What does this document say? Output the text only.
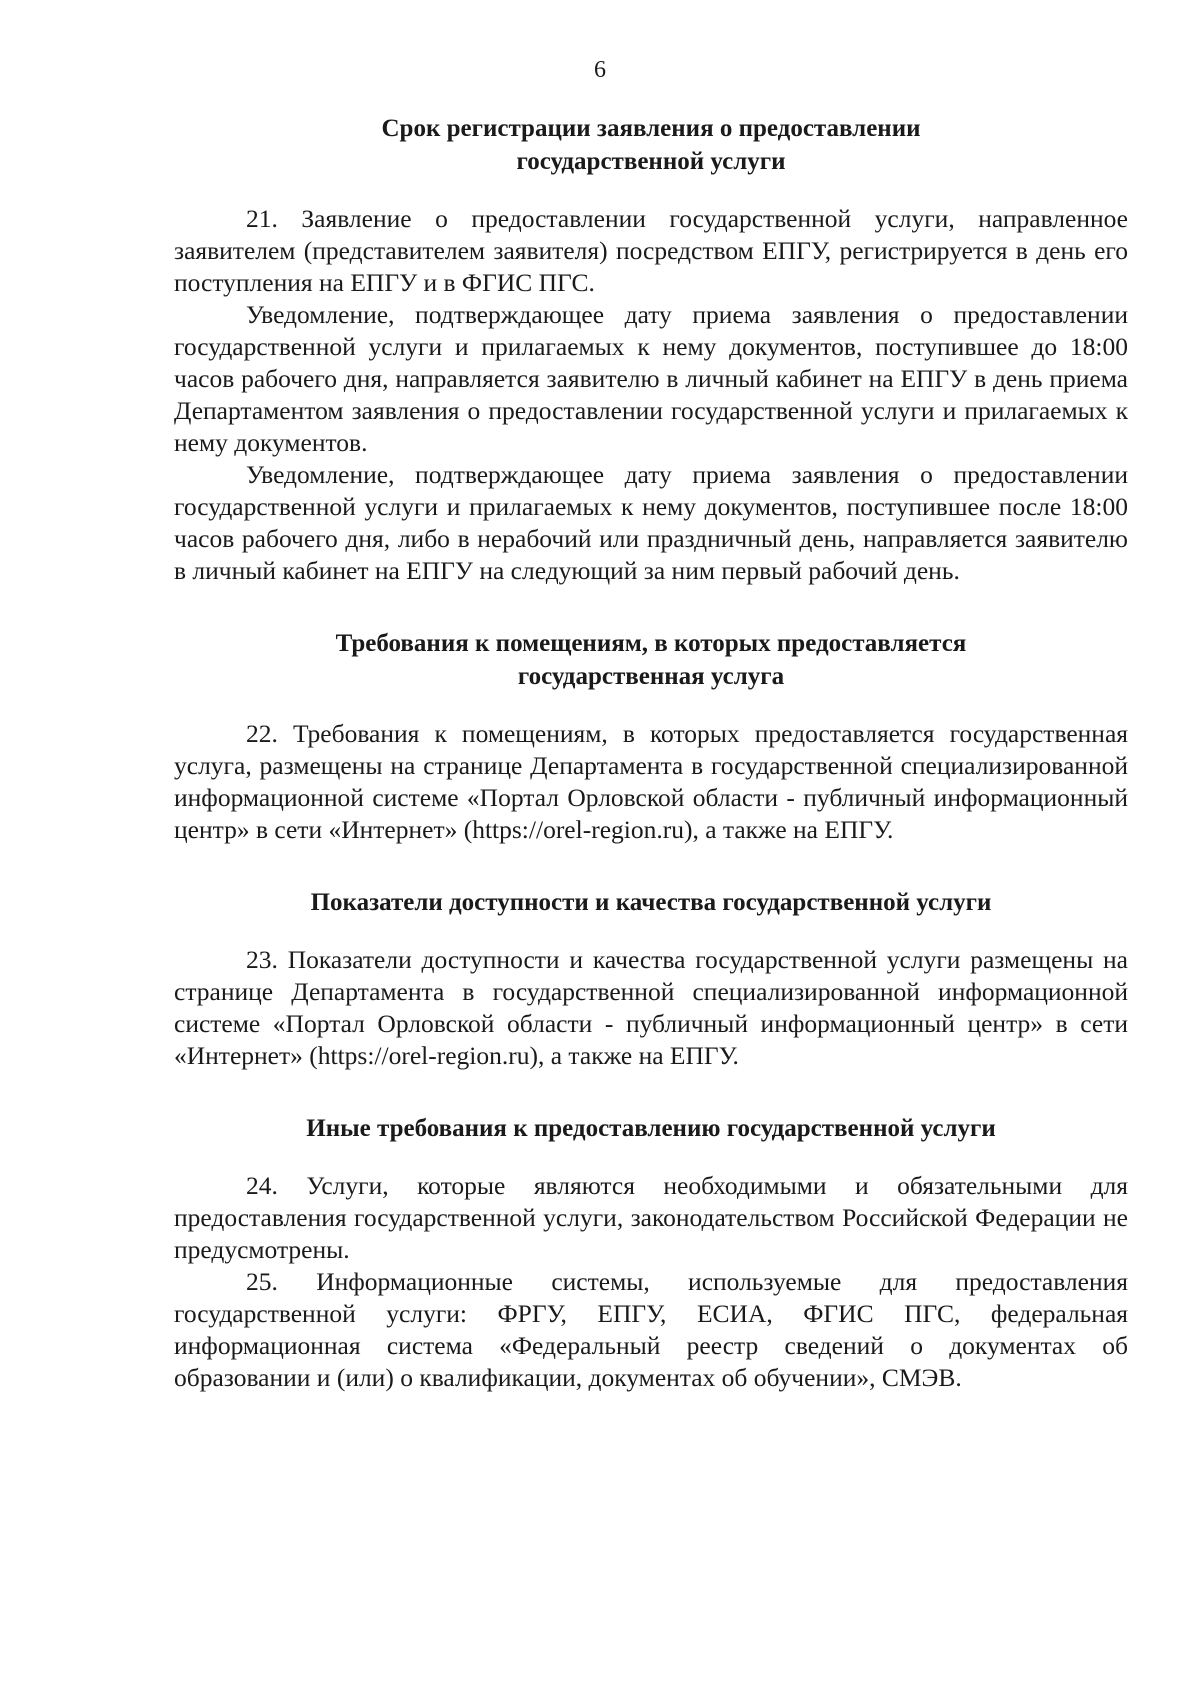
6

Срок регистрации заявления о предоставлении
государственной услуги

21. Заявление о предоставлении государственной услуги, направленное заявителем (представителем заявителя) посредством ЕПГУ, регистрируется в день его поступления на ЕПГУ и в ФГИС ПГС.

Уведомление, подтверждающее дату приема заявления о предоставлении государственной услуги и прилагаемых к нему документов, поступившее до 18:00 часов рабочего дня, направляется заявителю в личный кабинет на ЕПГУ в день приема Департаментом заявления о предоставлении государственной услуги и прилагаемых к нему документов.

Уведомление, подтверждающее дату приема заявления о предоставлении государственной услуги и прилагаемых к нему документов, поступившее после 18:00 часов рабочего дня, либо в нерабочий или праздничный день, направляется заявителю в личный кабинет на ЕПГУ на следующий за ним первый рабочий день.

Требования к помещениям, в которых предоставляется
государственная услуга

22. Требования к помещениям, в которых предоставляется государственная услуга, размещены на странице Департамента в государственной специализированной информационной системе «Портал Орловской области - публичный информационный центр» в сети «Интернет» (https://orel-region.ru), а также на ЕПГУ.

Показатели доступности и качества государственной услуги

23. Показатели доступности и качества государственной услуги размещены на странице Департамента в государственной специализированной информационной системе «Портал Орловской области - публичный информационный центр» в сети «Интернет» (https://orel-region.ru), а также на ЕПГУ.

Иные требования к предоставлению государственной услуги

24. Услуги, которые являются необходимыми и обязательными для предоставления государственной услуги, законодательством Российской Федерации не предусмотрены.

25. Информационные системы, используемые для предоставления государственной услуги: ФРГУ, ЕПГУ, ЕСИА, ФГИС ПГС, федеральная информационная система «Федеральный реестр сведений о документах об образовании и (или) о квалификации, документах об обучении», СМЭВ.
